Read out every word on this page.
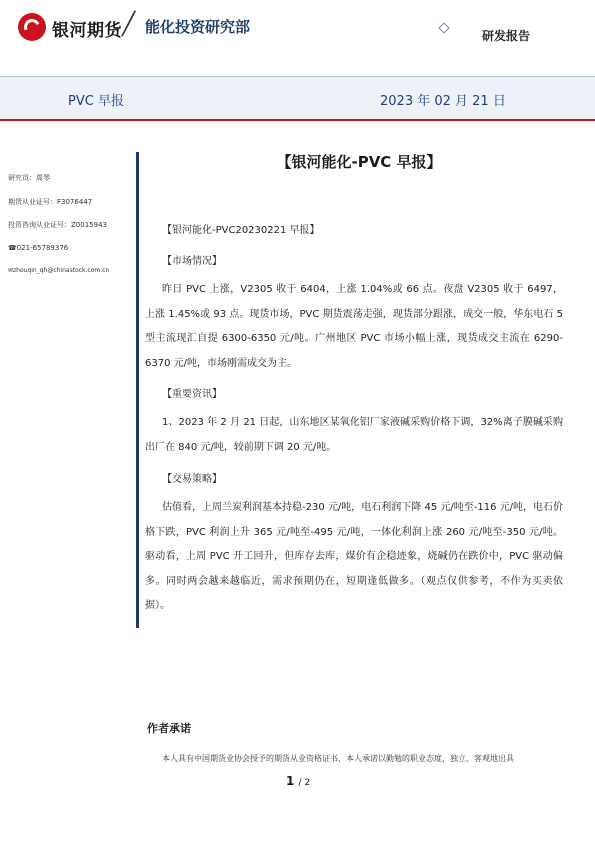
银河期货 ╱ 能化投资研究部	研发报告
PVC 早报	2023 年 02 月 21 日
研究员：周琴
期货从业证号：F3076447
投资咨询从业证号：Z0015943
☎021-65789376
✉zhouqin_qh@chinastock.com.cn
【银河能化-PVC 早报】
【银河能化-PVC20230221 早报】
【市场情况】
昨日 PVC 上涨，V2305 收于 6404，上涨 1.04%或 66 点。夜盘 V2305 收于 6497，上涨 1.45%或 93 点。现货市场，PVC 期货震荡走强，现货部分跟涨，成交一般，华东电石 5 型主流现汇自提 6300-6350 元/吨。广州地区 PVC 市场小幅上涨，现货成交主流在 6290-6370 元/吨，市场刚需成交为主。
【重要资讯】
1、2023 年 2 月 21 日起，山东地区某氧化铝厂家液碱采购价格下调，32%离子膜碱采购出厂在 840 元/吨，较前期下调 20 元/吨。
【交易策略】
估值看，上周兰炭利润基本持稳-230 元/吨，电石利润下降 45 元/吨至-116 元/吨，电石价格下跌，PVC 利润上升 365 元/吨至-495 元/吨，一体化利润上涨 260 元/吨至-350 元/吨。驱动看，上周 PVC 开工回升，但库存去库，煤价有企稳迹象，烧碱仍在跌价中，PVC 驱动偏多。同时两会越来越临近，需求预期仍在，短期逢低做多。（观点仅供参考，不作为买卖依据）。
作者承诺
本人具有中国期货业协会授予的期货从业资格证书，本人承诺以勤勉的职业态度，独立、客观地出具
1 / 2
